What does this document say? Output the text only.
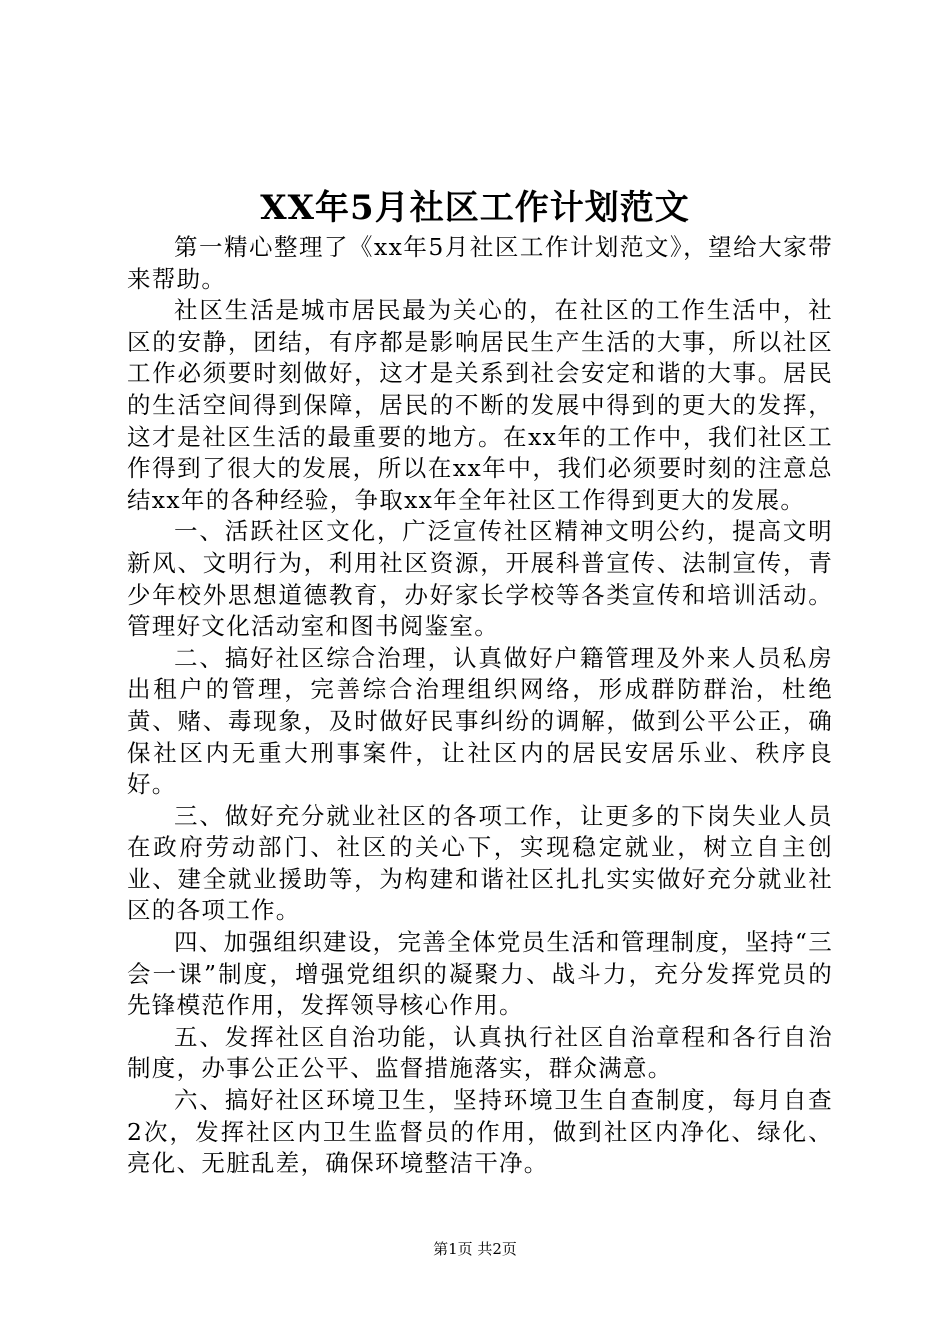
XX年5月社区工作计划范文

第一精心整理了《xx年5月社区工作计划范文》，望给大家带来帮助。

社区生活是城市居民最为关心的，在社区的工作生活中，社区的安静，团结，有序都是影响居民生产生活的大事，所以社区工作必须要时刻做好，这才是关系到社会安定和谐的大事。居民的生活空间得到保障，居民的不断的发展中得到的更大的发挥，这才是社区生活的最重要的地方。在xx年的工作中，我们社区工作得到了很大的发展，所以在xx年中，我们必须要时刻的注意总结xx年的各种经验，争取xx年全年社区工作得到更大的发展。

一、活跃社区文化，广泛宣传社区精神文明公约，提高文明新风、文明行为，利用社区资源，开展科普宣传、法制宣传，青少年校外思想道德教育，办好家长学校等各类宣传和培训活动。管理好文化活动室和图书阅鉴室。

二、搞好社区综合治理，认真做好户籍管理及外来人员私房出租户的管理，完善综合治理组织网络，形成群防群治，杜绝黄、赌、毒现象，及时做好民事纠纷的调解，做到公平公正，确保社区内无重大刑事案件，让社区内的居民安居乐业、秩序良好。

三、做好充分就业社区的各项工作，让更多的下岗失业人员在政府劳动部门、社区的关心下，实现稳定就业，树立自主创业、建全就业援助等，为构建和谐社区扎扎实实做好充分就业社区的各项工作。

四、加强组织建设，完善全体党员生活和管理制度，坚持“三会一课”制度，增强党组织的凝聚力、战斗力，充分发挥党员的先锋模范作用，发挥领导核心作用。

五、发挥社区自治功能，认真执行社区自治章程和各行自治制度，办事公正公平、监督措施落实，群众满意。

六、搞好社区环境卫生，坚持环境卫生自查制度，每月自查2次，发挥社区内卫生监督员的作用，做到社区内净化、绿化、亮化、无脏乱差，确保环境整洁干净。

第1页 共2页
